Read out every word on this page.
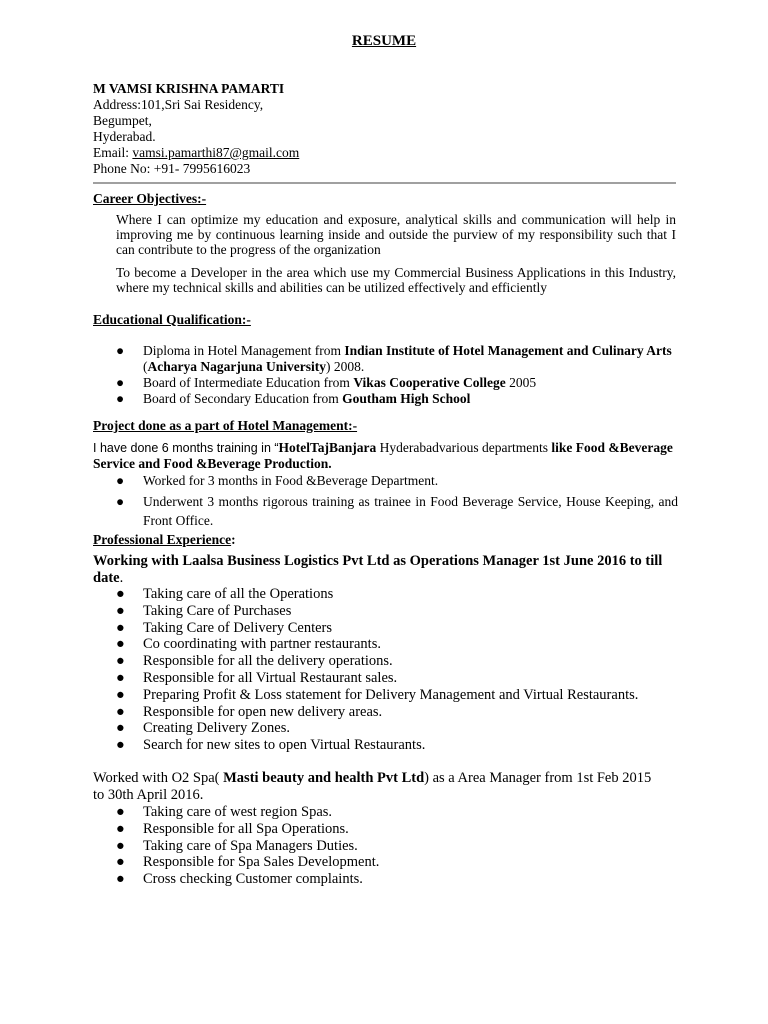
RESUME
M VAMSI KRISHNA PAMARTI
Address:101,Sri Sai Residency,
Begumpet,
Hyderabad.
Email: vamsi.pamarthi87@gmail.com
Phone No: +91- 7995616023
Career Objectives:-
Where I can optimize my education and exposure, analytical skills and communication will help in improving me by continuous learning inside and outside the purview of my responsibility such that I can contribute to the progress of the organization
To become a Developer in the area which use my Commercial Business Applications in this Industry, where my technical skills and abilities can be utilized effectively and efficiently
Educational Qualification:-
● Diploma in Hotel Management from Indian Institute of Hotel Management and Culinary Arts (Acharya Nagarjuna University) 2008.
● Board of Intermediate Education from Vikas Cooperative College 2005
● Board of Secondary Education from Goutham High School
Project done as a part of Hotel Management:-
I have done 6 months training in “HotelTajBanjara Hyderabadvarious departments like Food &Beverage Service and Food &Beverage Production.
● Worked for 3 months in Food &Beverage Department.
● Underwent 3 months rigorous training as trainee in Food Beverage Service, House Keeping, and Front Office.
Professional Experience:
Working with Laalsa Business Logistics Pvt Ltd as Operations Manager 1st June 2016 to till date.
● Taking care of all the Operations
● Taking Care of Purchases
● Taking Care of Delivery Centers
● Co coordinating with partner restaurants.
● Responsible for all the delivery operations.
● Responsible for all Virtual Restaurant sales.
● Preparing Profit & Loss statement for Delivery Management and Virtual Restaurants.
● Responsible for open new delivery areas.
● Creating Delivery Zones.
● Search for new sites to open Virtual Restaurants.
Worked with O2 Spa( Masti beauty and health Pvt Ltd) as a Area Manager from 1st Feb 2015 to 30th April 2016.
● Taking care of west region Spas.
● Responsible for all Spa Operations.
● Taking care of Spa Managers Duties.
● Responsible for Spa Sales Development.
● Cross checking Customer complaints.
